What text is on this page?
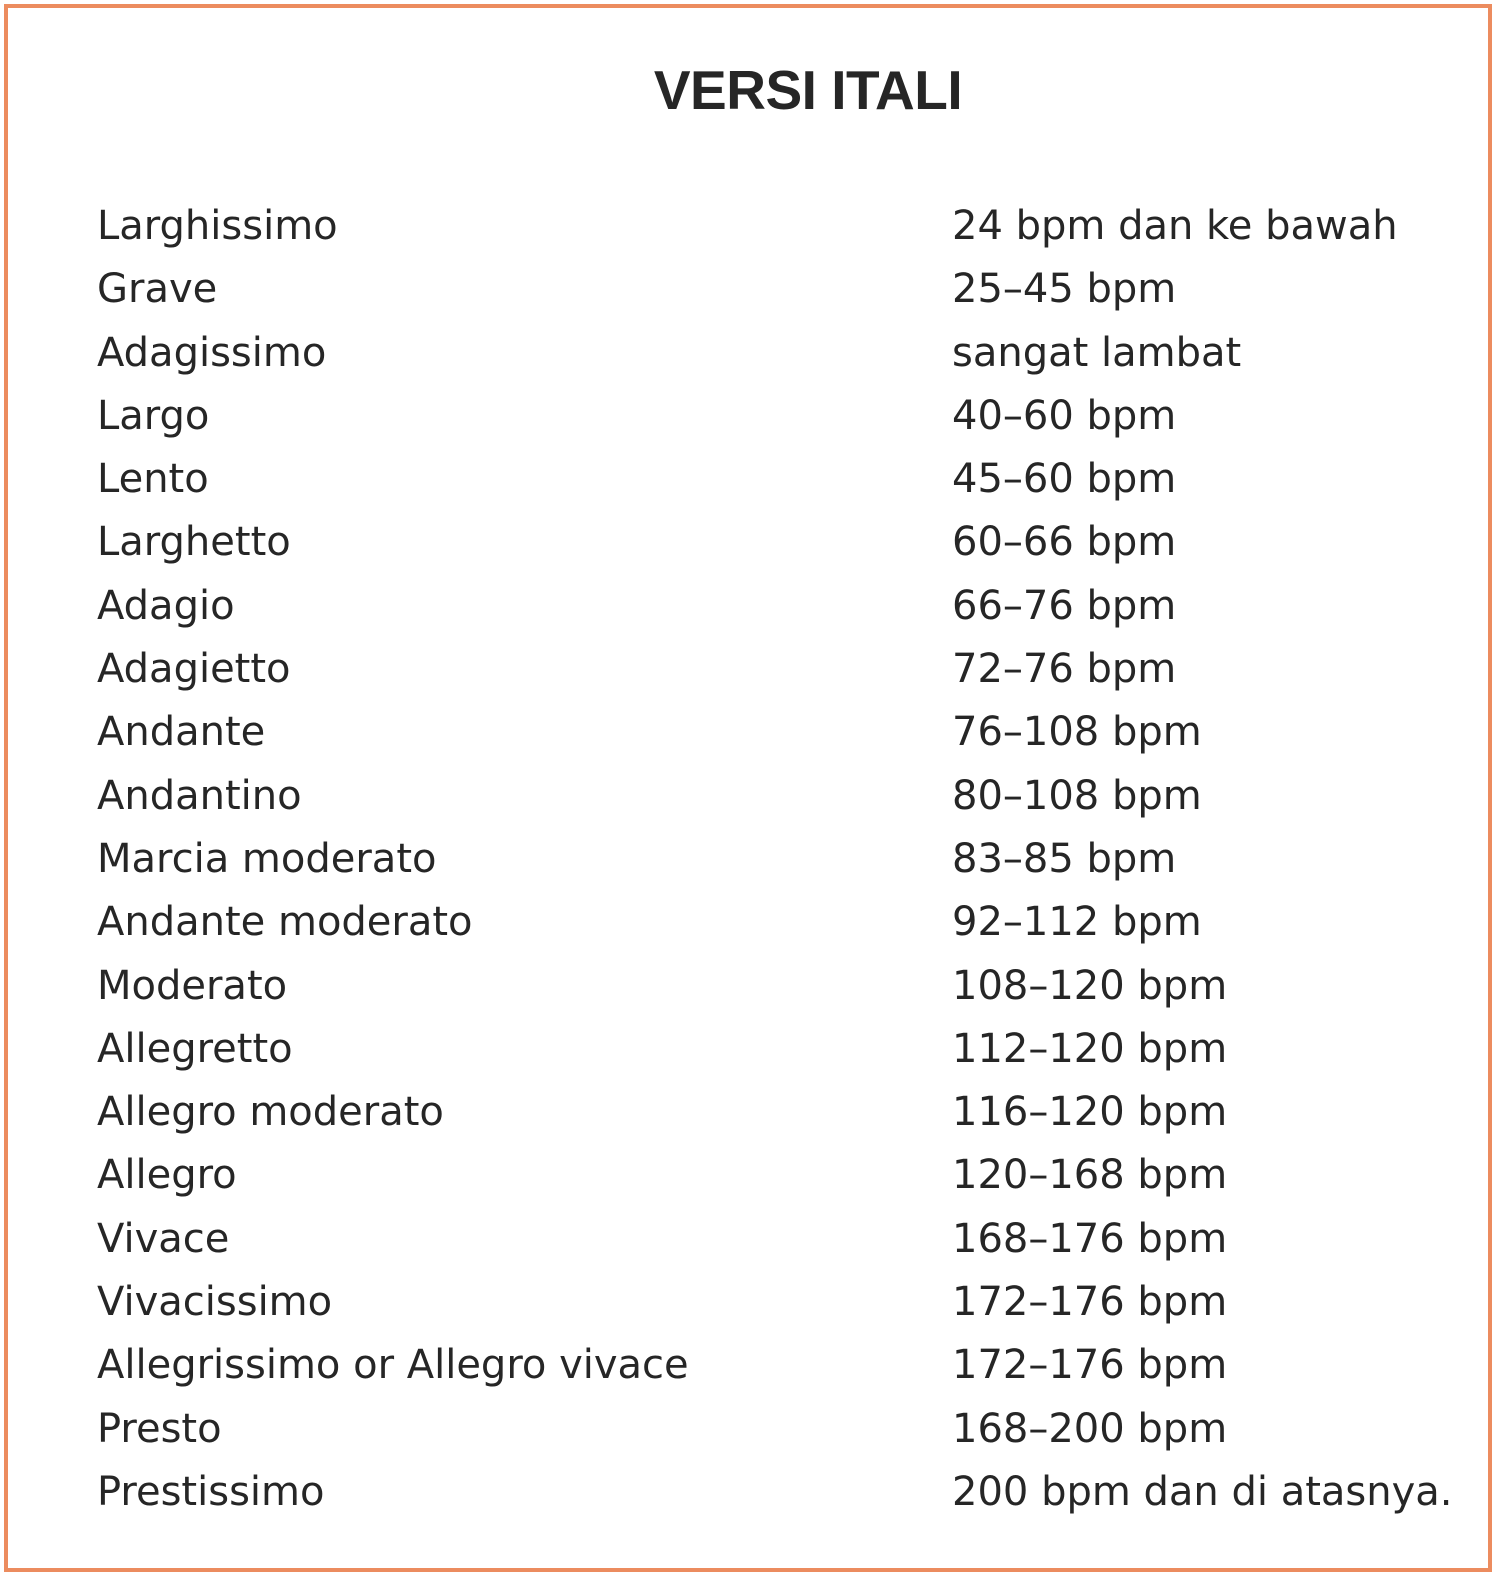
VERSI ITALI
Larghissimo	24 bpm dan ke bawah
Grave	25–45 bpm
Adagissimo	sangat lambat
Largo	40–60 bpm
Lento	45–60 bpm
Larghetto	60–66 bpm
Adagio	66–76 bpm
Adagietto	72–76 bpm
Andante	76–108 bpm
Andantino	80–108 bpm
Marcia moderato	83–85 bpm
Andante moderato	92–112 bpm
Moderato	108–120 bpm
Allegretto	112–120 bpm
Allegro moderato	116–120 bpm
Allegro	120–168 bpm
Vivace	168–176 bpm
Vivacissimo	172–176 bpm
Allegrissimo or Allegro vivace	172–176 bpm
Presto	168–200 bpm
Prestissimo	200 bpm dan di atasnya.
